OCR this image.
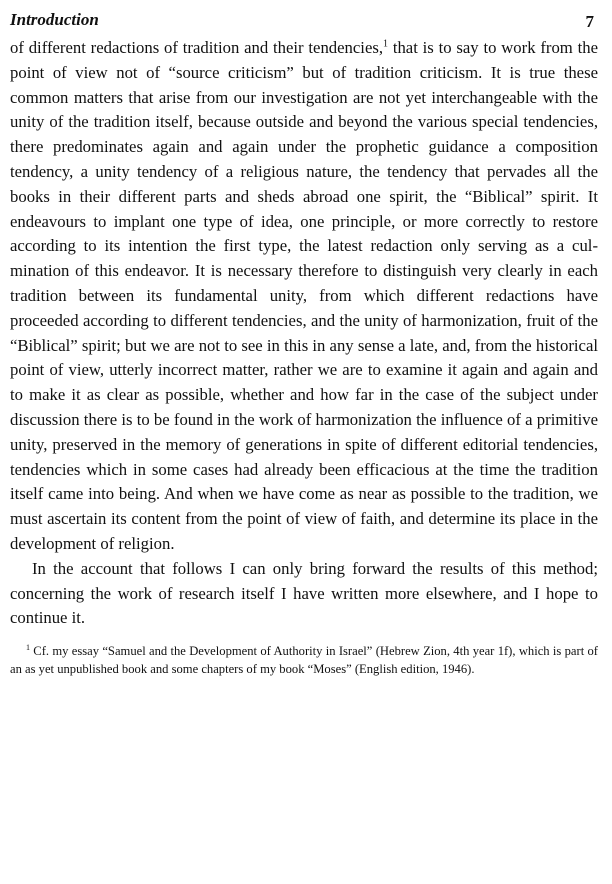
Introduction	7

of different redactions of tradition and their tendencies,$^1$ that is to say to work from the point of view not of “source criticism” but of tradition criticism. It is true these common matters that arise from our investigation are not yet interchangeable with the unity of the tradition itself, because outside and beyond the various special tendencies, there predominates again and again under the prophetic guidance a composition tendency, a unity tendency of a religious nature, the tendency that pervades all the books in their different parts and sheds abroad one spirit, the “Biblical” spirit. It endeavours to implant one type of idea, one principle, or more correctly to restore according to its intention the first type, the latest redaction only serving as a culmination of this endeavor. It is necessary therefore to distinguish very clearly in each tradition between its fundamental unity, from which different redactions have proceeded according to different tendencies, and the unity of harmonization, fruit of the “Biblical” spirit; but we are not to see in this in any sense a late, and, from the historical point of view, utterly incorrect matter, rather we are to examine it again and again and to make it as clear as possible, whether and how far in the case of the subject under discussion there is to be found in the work of harmonization the influence of a primitive unity, preserved in the memory of generations in spite of different editorial tendencies, tendencies which in some cases had already been efficacious at the time the tradition itself came into being. And when we have come as near as possible to the tradition, we must ascertain its content from the point of view of faith, and determine its place in the development of religion.

In the account that follows I can only bring forward the results of this method; concerning the work of research itself I have written more elsewhere, and I hope to continue it.

$^1$ Cf. my essay “Samuel and the Development of Authority in Israel” (Hebrew Zion, 4th year 1f), which is part of an as yet unpublished book and some chapters of my book “Moses” (English edition, 1946).
